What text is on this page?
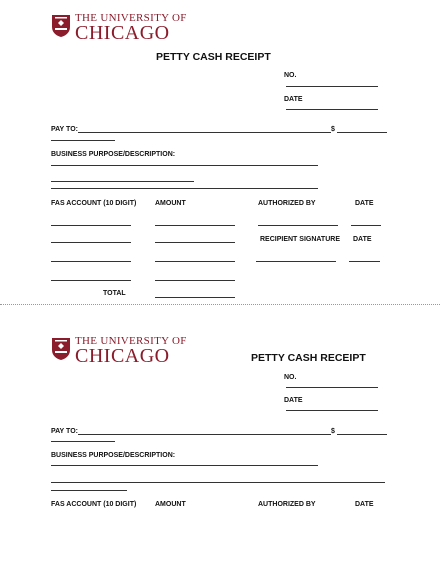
THE UNIVERSITY OF
CHICAGO
PETTY CASH RECEIPT
NO.
DATE
PAY TO:	$
BUSINESS PURPOSE/DESCRIPTION:
FAS ACCOUNT (10 DIGIT)	AMOUNT	AUTHORIZED BY	DATE
RECIPIENT SIGNATURE DATE
TOTAL
THE UNIVERSITY OF
CHICAGO	PETTY CASH RECEIPT
NO.
DATE
PAY TO:	$
BUSINESS PURPOSE/DESCRIPTION:
FAS ACCOUNT (10 DIGIT)	AMOUNT	AUTHORIZED BY	DATE
